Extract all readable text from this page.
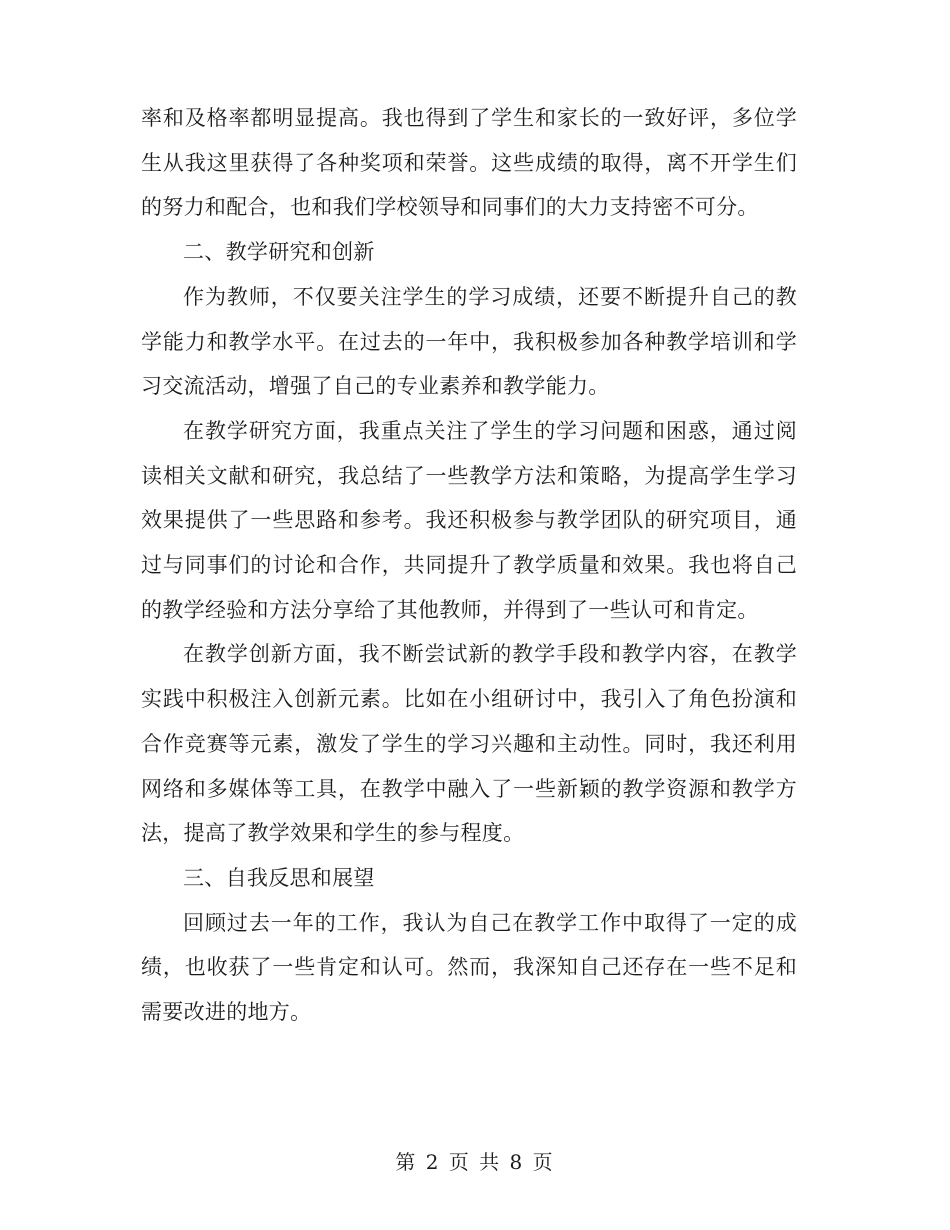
率和及格率都明显提高。我也得到了学生和家长的一致好评，多位学生从我这里获得了各种奖项和荣誉。这些成绩的取得，离不开学生们的努力和配合，也和我们学校领导和同事们的大力支持密不可分。

二、教学研究和创新

作为教师，不仅要关注学生的学习成绩，还要不断提升自己的教学能力和教学水平。在过去的一年中，我积极参加各种教学培训和学习交流活动，增强了自己的专业素养和教学能力。

在教学研究方面，我重点关注了学生的学习问题和困惑，通过阅读相关文献和研究，我总结了一些教学方法和策略，为提高学生学习效果提供了一些思路和参考。我还积极参与教学团队的研究项目，通过与同事们的讨论和合作，共同提升了教学质量和效果。我也将自己的教学经验和方法分享给了其他教师，并得到了一些认可和肯定。

在教学创新方面，我不断尝试新的教学手段和教学内容，在教学实践中积极注入创新元素。比如在小组研讨中，我引入了角色扮演和合作竞赛等元素，激发了学生的学习兴趣和主动性。同时，我还利用网络和多媒体等工具，在教学中融入了一些新颖的教学资源和教学方法，提高了教学效果和学生的参与程度。

三、自我反思和展望

回顾过去一年的工作，我认为自己在教学工作中取得了一定的成绩，也收获了一些肯定和认可。然而，我深知自己还存在一些不足和需要改进的地方。

第 2 页 共 8 页
